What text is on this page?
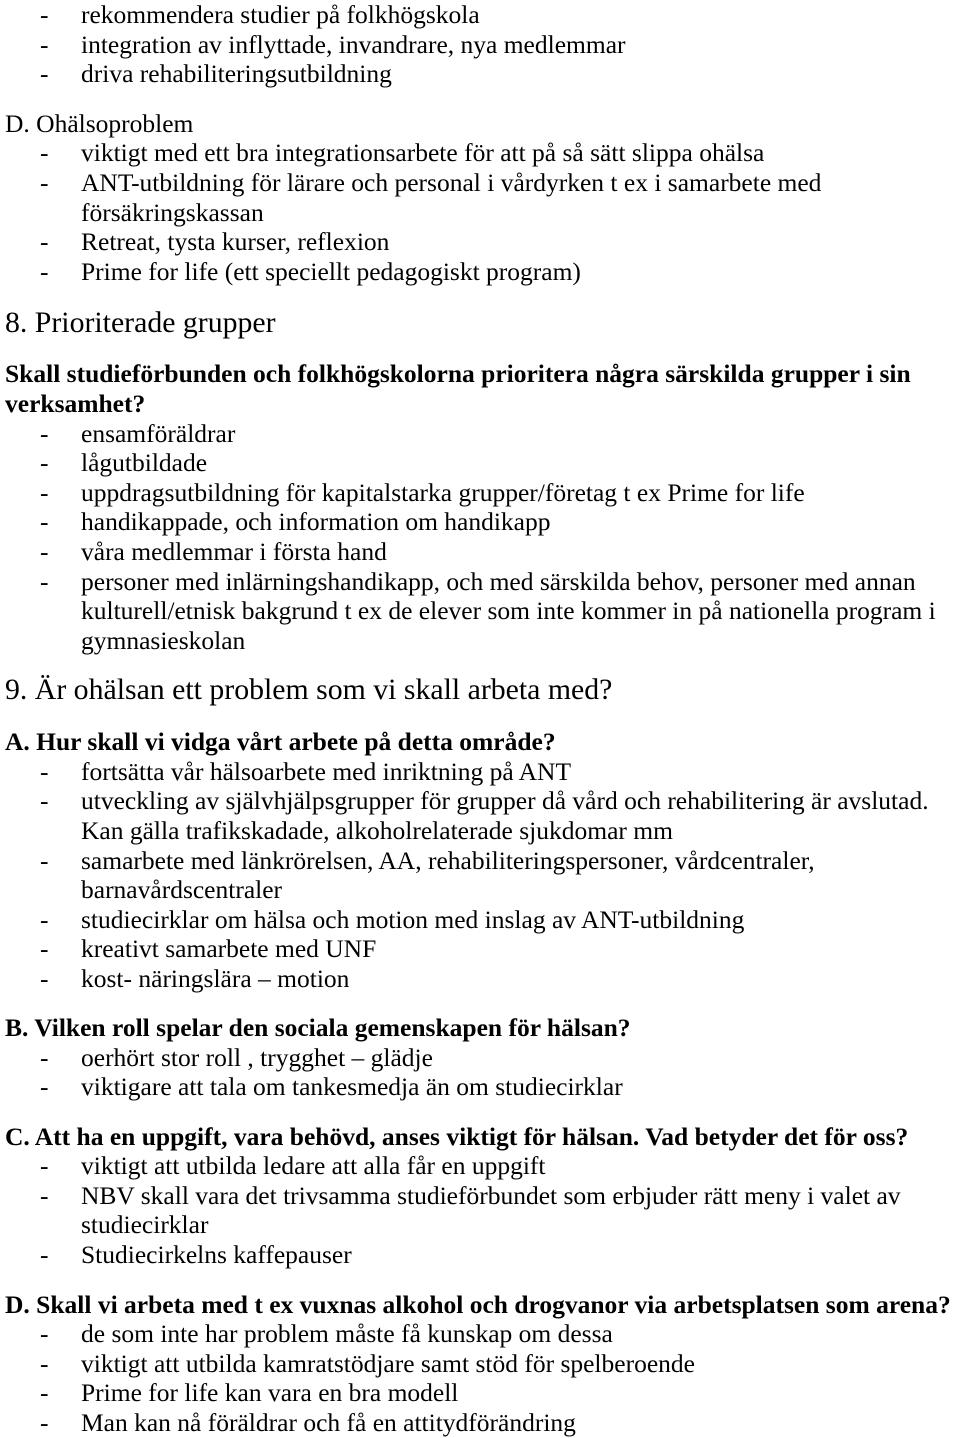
- rekommendera studier på folkhögskola
- integration av inflyttade, invandrare, nya medlemmar
- driva rehabiliteringsutbildning
D. Ohälsoproblem
- viktigt med ett bra integrationsarbete för att på så sätt slippa ohälsa
- ANT-utbildning för lärare och personal i vårdyrken t ex i samarbete med
försäkringskassan
- Retreat, tysta kurser, reflexion
- Prime for life (ett speciellt pedagogiskt program)
8. Prioriterade grupper
Skall studieförbunden och folkhögskolorna prioritera några särskilda grupper i sin
verksamhet?
- ensamföräldrar
- lågutbildade
- uppdragsutbildning för kapitalstarka grupper/företag t ex Prime for life
- handikappade, och information om handikapp
- våra medlemmar i första hand
- personer med inlärningshandikapp, och med särskilda behov, personer med annan
kulturell/etnisk bakgrund t ex de elever som inte kommer in på nationella program i
gymnasieskolan
9. Är ohälsan ett problem som vi skall arbeta med?
A. Hur skall vi vidga vårt arbete på detta område?
- fortsätta vår hälsoarbete med inriktning på ANT
- utveckling av självhjälpsgrupper för grupper då vård och rehabilitering är avslutad.
Kan gälla trafikskadade, alkoholrelaterade sjukdomar mm
- samarbete med länkrörelsen, AA, rehabiliteringspersoner, vårdcentraler,
barnavårdscentraler
- studiecirklar om hälsa och motion med inslag av ANT-utbildning
- kreativt samarbete med UNF
- kost- näringslära – motion
B. Vilken roll spelar den sociala gemenskapen för hälsan?
- oerhört stor roll , trygghet – glädje
- viktigare att tala om tankesmedja än om studiecirklar
C. Att ha en uppgift, vara behövd, anses viktigt för hälsan. Vad betyder det för oss?
- viktigt att utbilda ledare att alla får en uppgift
- NBV skall vara det trivsamma studieförbundet som erbjuder rätt meny i valet av
studiecirklar
- Studiecirkelns kaffepauser
D. Skall vi arbeta med t ex vuxnas alkohol och drogvanor via arbetsplatsen som arena?
- de som inte har problem måste få kunskap om dessa
- viktigt att utbilda kamratstödjare samt stöd för spelberoende
- Prime for life kan vara en bra modell
- Man kan nå föräldrar och få en attitydförändring
